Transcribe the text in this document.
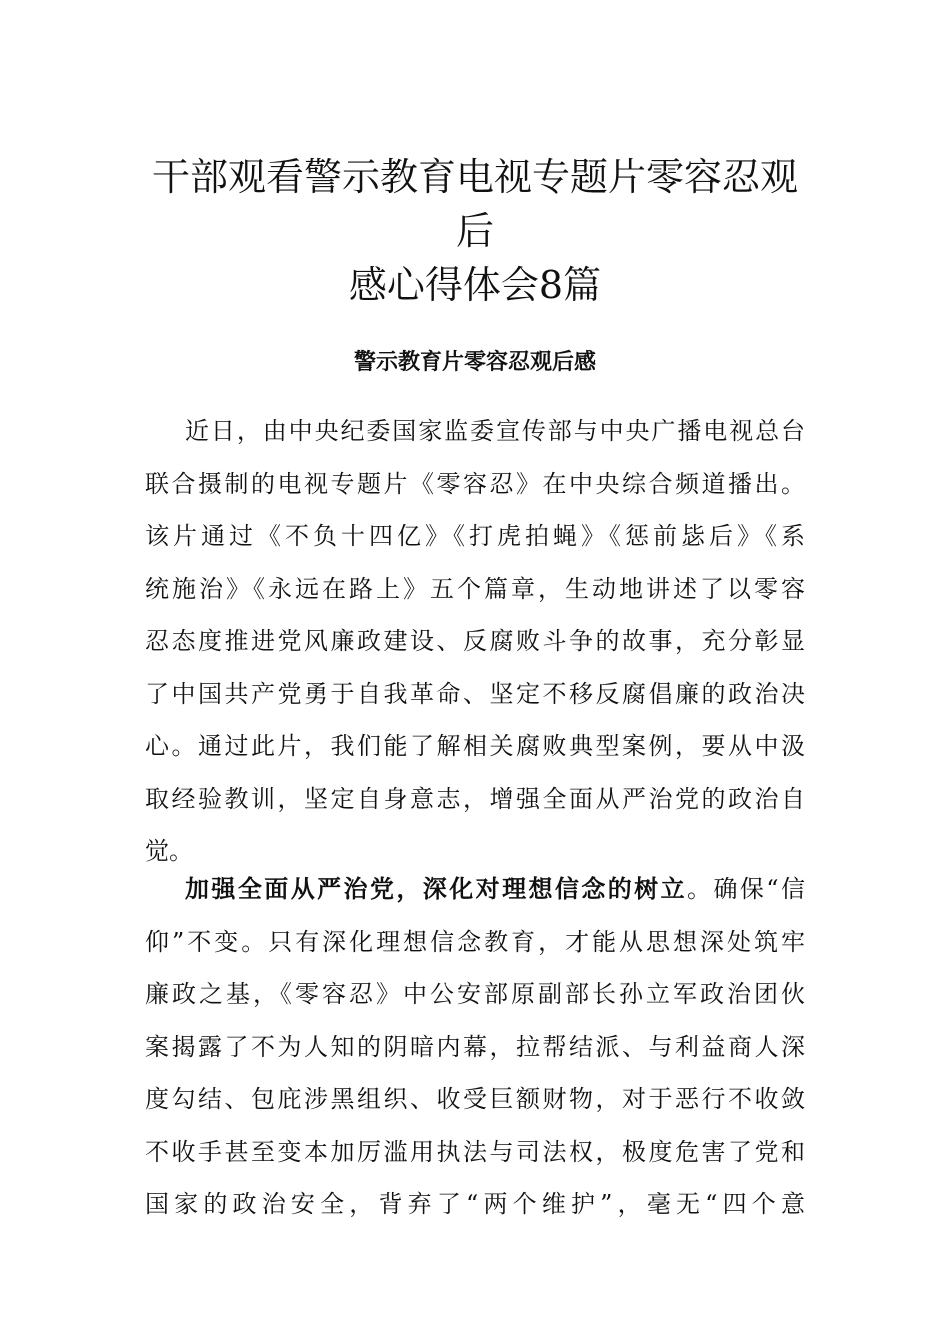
干部观看警示教育电视专题片零容忍观后
感心得体会8篇
警示教育片零容忍观后感
近日，由中央纪委国家监委宣传部与中央广播电视总台
联合摄制的电视专题片《零容忍》在中央综合频道播出。
该片通过《不负十四亿》《打虎拍蝇》《惩前毖后》《系
统施治》《永远在路上》五个篇章，生动地讲述了以零容
忍态度推进党风廉政建设、反腐败斗争的故事，充分彰显
了中国共产党勇于自我革命、坚定不移反腐倡廉的政治决
心。通过此片，我们能了解相关腐败典型案例，要从中汲
取经验教训，坚定自身意志，增强全面从严治党的政治自
觉。
加强全面从严治党，深化对理想信念的树立。确保“信
仰”不变。只有深化理想信念教育，才能从思想深处筑牢
廉政之基，《零容忍》中公安部原副部长孙立军政治团伙
案揭露了不为人知的阴暗内幕，拉帮结派、与利益商人深
度勾结、包庇涉黑组织、收受巨额财物，对于恶行不收敛
不收手甚至变本加厉滥用执法与司法权，极度危害了党和
国家的政治安全，背弃了“两个维护”，毫无“四个意
